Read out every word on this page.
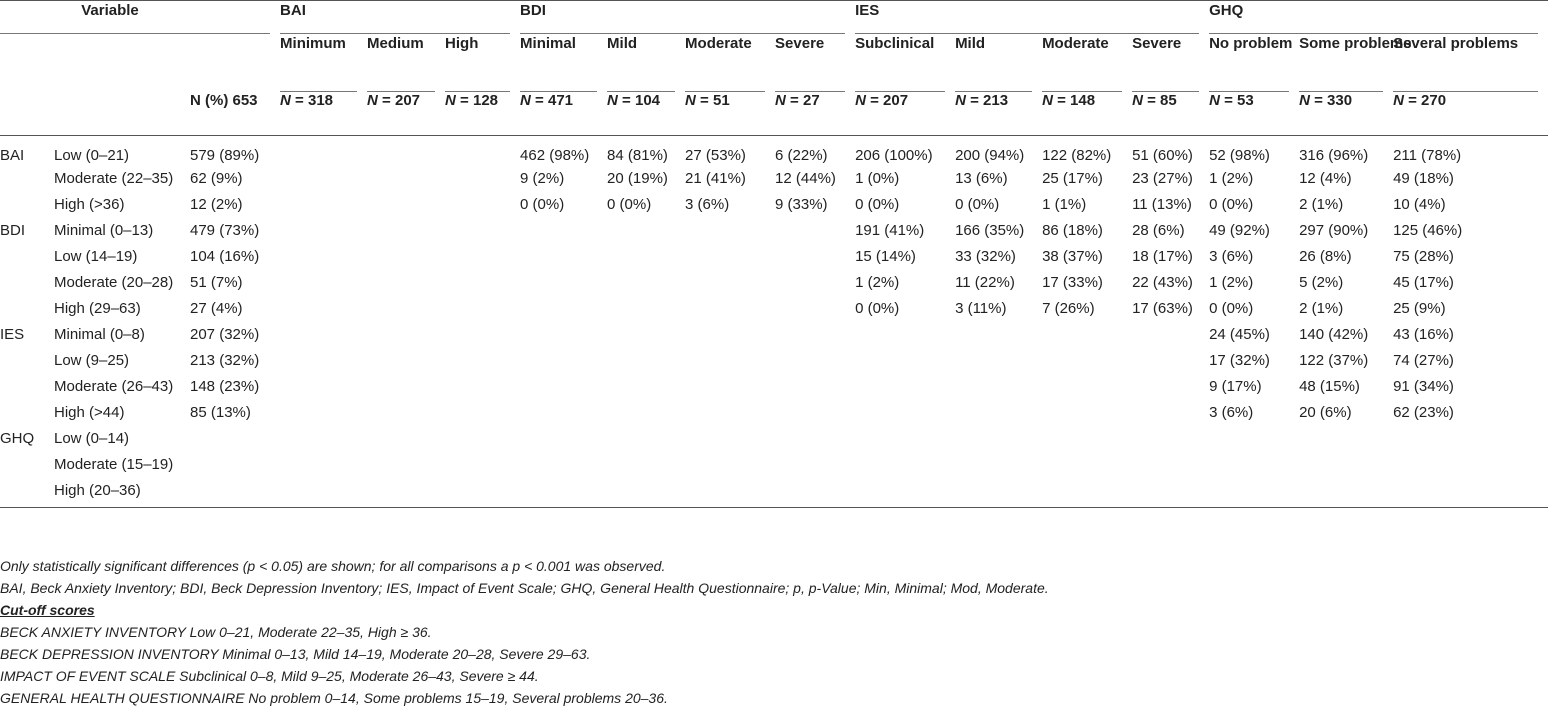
Variable			BAI			BDI				IES				GHQ		
			Minimum	Medium	High	Minimal	Mild	Moderate	Severe	Subclinical	Mild	Moderate	Severe	No problem	Some problems	Several problems
		N (%) 653	N = 318	N = 207	N = 128	N = 471	N = 104	N = 51	N = 27	N = 207	N = 213	N = 148	N = 85	N = 53	N = 330	N = 270
BAI	Low (0–21)	579 (89%)				462 (98%)	84 (81%)	27 (53%)	6 (22%)	206 (100%)	200 (94%)	122 (82%)	51 (60%)	52 (98%)	316 (96%)	211 (78%)
	Moderate (22–35)	62 (9%)				9 (2%)	20 (19%)	21 (41%)	12 (44%)	1 (0%)	13 (6%)	25 (17%)	23 (27%)	1 (2%)	12 (4%)	49 (18%)
	High (>36)	12 (2%)				0 (0%)	0 (0%)	3 (6%)	9 (33%)	0 (0%)	0 (0%)	1 (1%)	11 (13%)	0 (0%)	2 (1%)	10 (4%)
BDI	Minimal (0–13)	479 (73%)								191 (41%)	166 (35%)	86 (18%)	28 (6%)	49 (92%)	297 (90%)	125 (46%)
	Low (14–19)	104 (16%)								15 (14%)	33 (32%)	38 (37%)	18 (17%)	3 (6%)	26 (8%)	75 (28%)
	Moderate (20–28)	51 (7%)								1 (2%)	11 (22%)	17 (33%)	22 (43%)	1 (2%)	5 (2%)	45 (17%)
	High (29–63)	27 (4%)								0 (0%)	3 (11%)	7 (26%)	17 (63%)	0 (0%)	2 (1%)	25 (9%)
IES	Minimal (0–8)	207 (32%)												24 (45%)	140 (42%)	43 (16%)
	Low (9–25)	213 (32%)												17 (32%)	122 (37%)	74 (27%)
	Moderate (26–43)	148 (23%)												9 (17%)	48 (15%)	91 (34%)
	High (>44)	85 (13%)												3 (6%)	20 (6%)	62 (23%)
GHQ	Low (0–14)															
	Moderate (15–19)															
	High (20–36)															
Only statistically significant differences (p < 0.05) are shown; for all comparisons a p < 0.001 was observed.
BAI, Beck Anxiety Inventory; BDI, Beck Depression Inventory; IES, Impact of Event Scale; GHQ, General Health Questionnaire; p, p-Value; Min, Minimal; Mod, Moderate.
Cut-off scores
BECK ANXIETY INVENTORY Low 0–21, Moderate 22–35, High ≥ 36.
BECK DEPRESSION INVENTORY Minimal 0–13, Mild 14–19, Moderate 20–28, Severe 29–63.
IMPACT OF EVENT SCALE Subclinical 0–8, Mild 9–25, Moderate 26–43, Severe ≥ 44.
GENERAL HEALTH QUESTIONNAIRE No problem 0–14, Some problems 15–19, Several problems 20–36.
